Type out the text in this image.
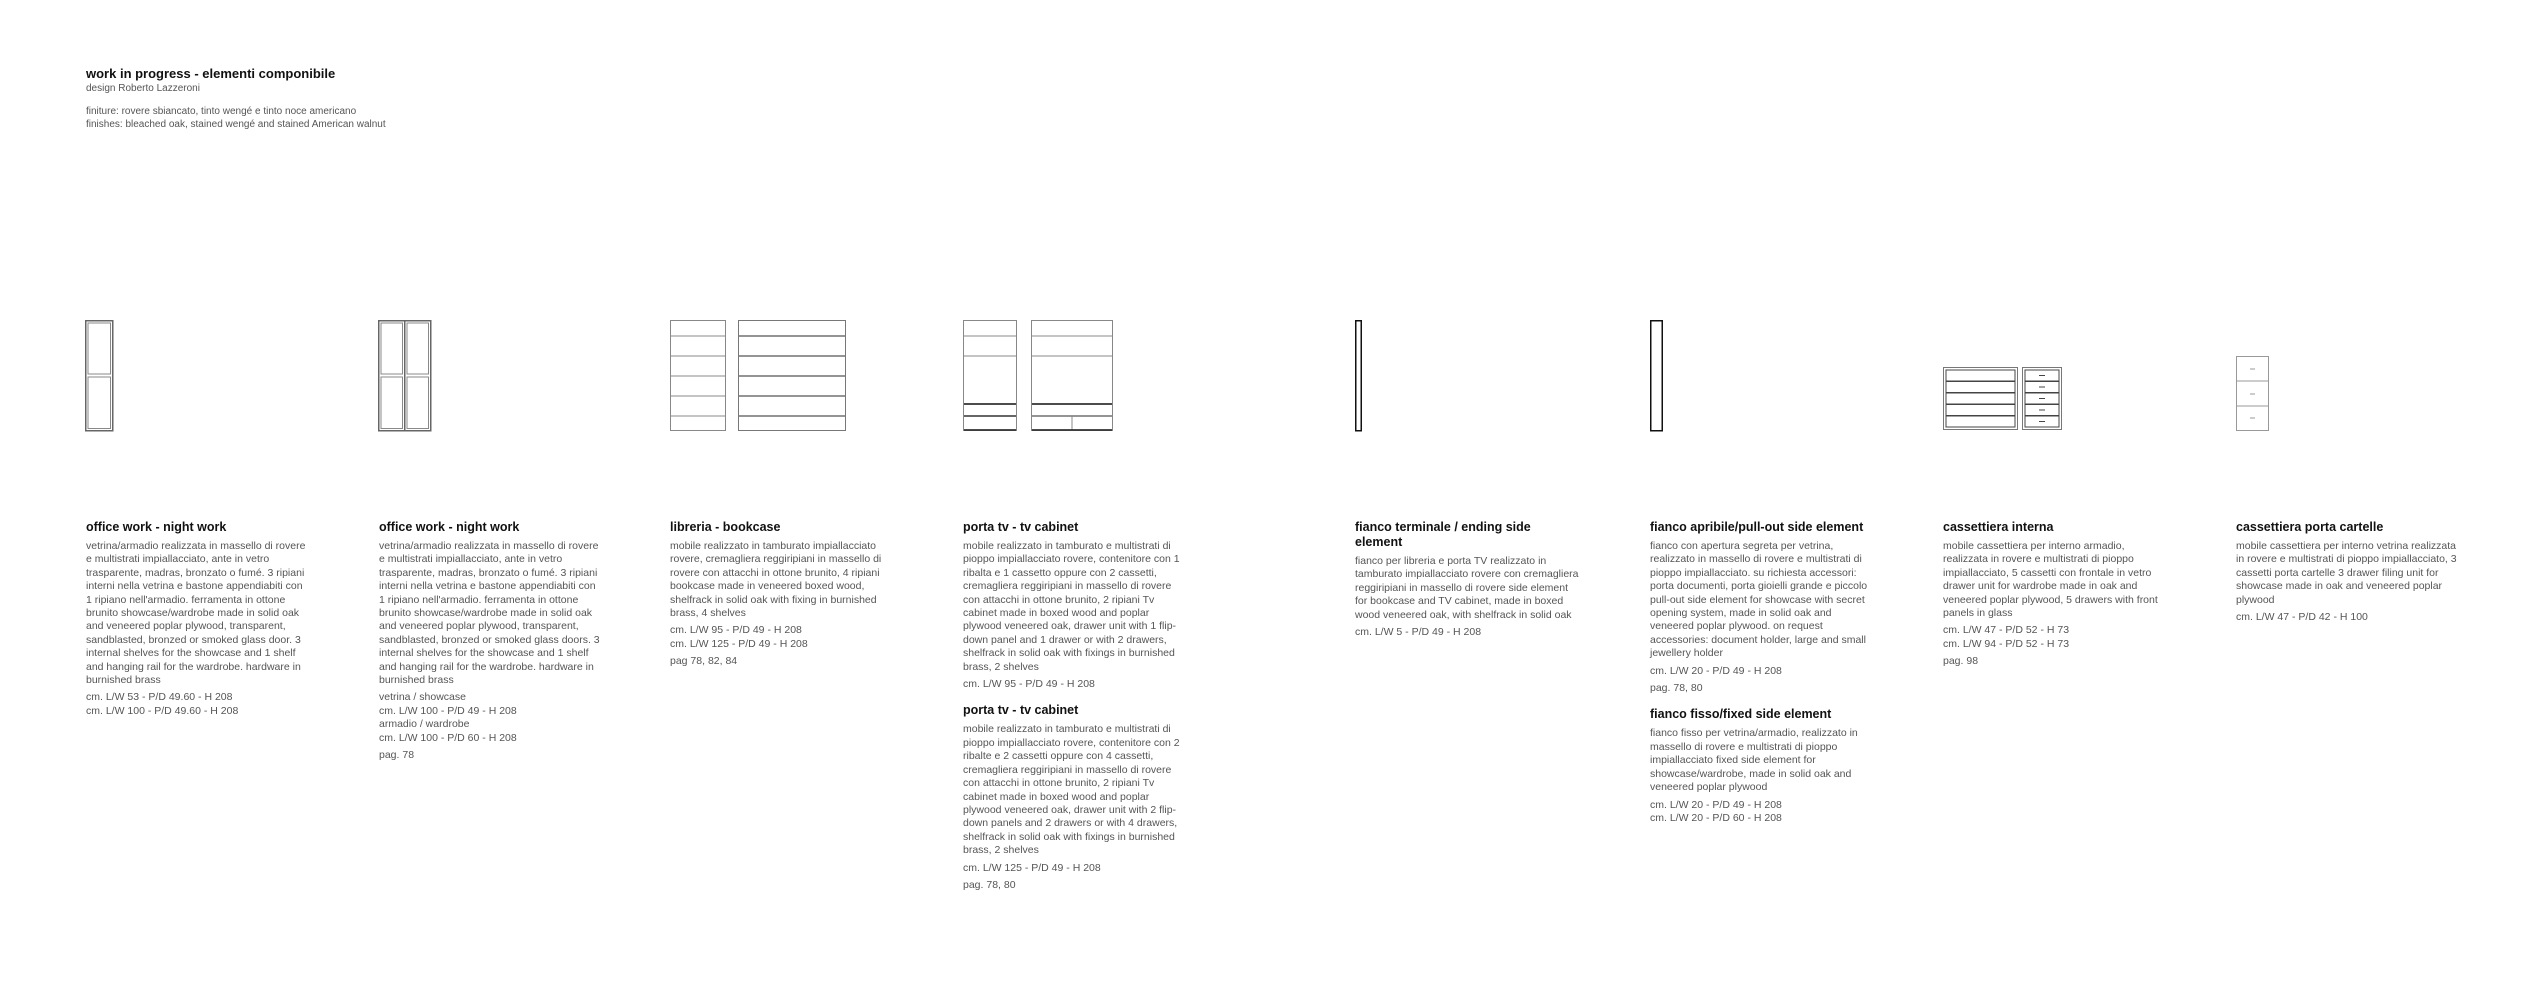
work in progress - elementi componibile

design Roberto Lazzeroni

finiture: rovere sbiancato, tinto wengé e tinto noce americano

finishes: bleached oak, stained wengé and stained American walnut

office work - night work

vetrina/armadio realizzata in massello di rovere e multistrati impiallacciato, ante in vetro trasparente, madras, bronzato o fumé. 3 ripiani interni nella vetrina e bastone appendiabiti con 1 ripiano nell'armadio. ferramenta in ottone brunito showcase/wardrobe made in solid oak and veneered poplar plywood, transparent, sandblasted, bronzed or smoked glass door. 3 internal shelves for the showcase and 1 shelf and hanging rail for the wardrobe. hardware in burnished brass

cm. L/W 53 - P/D 49.60 - H 208

cm. L/W 100 - P/D 49.60 - H 208

office work - night work

vetrina/armadio realizzata in massello di rovere e multistrati impiallacciato, ante in vetro trasparente, madras, bronzato o fumé. 3 ripiani interni nella vetrina e bastone appendiabiti con 1 ripiano nell'armadio. ferramenta in ottone brunito showcase/wardrobe made in solid oak and veneered poplar plywood, transparent, sandblasted, bronzed or smoked glass doors. 3 internal shelves for the showcase and 1 shelf and hanging rail for the wardrobe. hardware in burnished brass

vetrina / showcase

cm. L/W 100 - P/D 49 - H 208

armadio / wardrobe

cm. L/W 100 - P/D 60 - H 208

pag. 78

libreria - bookcase

mobile realizzato in tamburato impiallacciato rovere, cremagliera reggiripiani in massello di rovere con attacchi in ottone brunito, 4 ripiani bookcase made in veneered boxed wood, shelfrack in solid oak with fixing in burnished brass, 4 shelves

cm. L/W 95 - P/D 49 - H 208

cm. L/W 125 - P/D 49 - H 208

pag 78, 82, 84

porta tv - tv cabinet

mobile realizzato in tamburato e multistrati di pioppo impiallacciato rovere, contenitore con 1 ribalta e 1 cassetto oppure con 2 cassetti, cremagliera reggiripiani in massello di rovere con attacchi in ottone brunito, 2 ripiani Tv cabinet made in boxed wood and poplar plywood veneered oak, drawer unit with 1 flip-down panel and 1 drawer or with 2 drawers, shelfrack in solid oak with fixings in burnished brass, 2 shelves

cm. L/W 95 - P/D 49 - H 208

porta tv - tv cabinet

mobile realizzato in tamburato e multistrati di pioppo impiallacciato rovere, contenitore con 2 ribalte e 2 cassetti oppure con 4 cassetti, cremagliera reggiripiani in massello di rovere con attacchi in ottone brunito, 2 ripiani Tv cabinet made in boxed wood and poplar plywood veneered oak, drawer unit with 2 flip-down panels and 2 drawers or with 4 drawers, shelfrack in solid oak with fixings in burnished brass, 2 shelves

cm. L/W 125 - P/D 49 - H 208

pag. 78, 80

fianco terminale / ending side element

fianco per libreria e porta TV realizzato in tamburato impiallacciato rovere con cremagliera reggiripiani in massello di rovere side element for bookcase and TV cabinet, made in boxed wood veneered oak, with shelfrack in solid oak

cm. L/W 5 - P/D 49 - H 208

fianco apribile/pull-out side element

fianco con apertura segreta per vetrina, realizzato in massello di rovere e multistrati di pioppo impiallacciato. su richiesta accessori: porta documenti, porta gioielli grande e piccolo pull-out side element for showcase with secret opening system, made in solid oak and veneered poplar plywood. on request accessories: document holder, large and small jewellery holder

cm. L/W 20 - P/D 49 - H 208

pag. 78, 80

fianco fisso/fixed side element

fianco fisso per vetrina/armadio, realizzato in massello di rovere e multistrati di pioppo impiallacciato fixed side element for showcase/wardrobe, made in solid oak and veneered poplar plywood

cm. L/W 20 - P/D 49 - H 208

cm. L/W 20 - P/D 60 - H 208

cassettiera interna

mobile cassettiera per interno armadio, realizzata in rovere e multistrati di pioppo impiallacciato, 5 cassetti con frontale in vetro drawer unit for wardrobe made in oak and veneered poplar plywood, 5 drawers with front panels in glass

cm. L/W 47 - P/D 52 - H 73

cm. L/W 94 - P/D 52 - H 73

pag. 98

cassettiera porta cartelle

mobile cassettiera per interno vetrina realizzata in rovere e multistrati di pioppo impiallacciato, 3 cassetti porta cartelle 3 drawer filing unit for showcase made in oak and veneered poplar plywood

cm. L/W 47 - P/D 42 - H 100
